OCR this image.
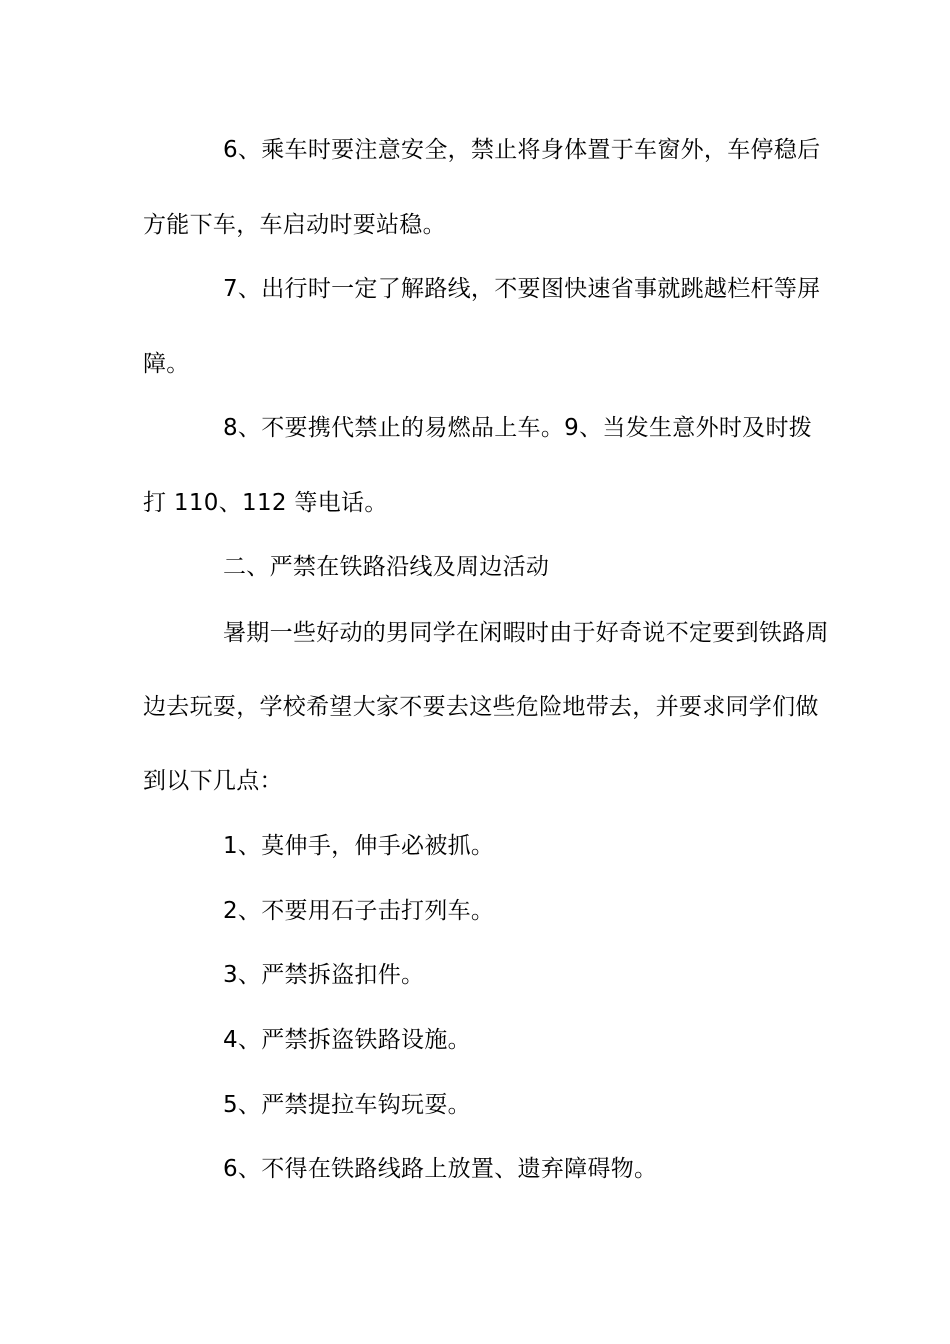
6、乘车时要注意安全，禁止将身体置于车窗外，车停稳后
方能下车，车启动时要站稳。
7、出行时一定了解路线，不要图快速省事就跳越栏杆等屏
障。
8、不要携代禁止的易燃品上车。9、当发生意外时及时拨
打 110、112 等电话。
二、严禁在铁路沿线及周边活动
暑期一些好动的男同学在闲暇时由于好奇说不定要到铁路周
边去玩耍，学校希望大家不要去这些危险地带去，并要求同学们做
到以下几点：
1、莫伸手，伸手必被抓。
2、不要用石子击打列车。
3、严禁拆盗扣件。
4、严禁拆盗铁路设施。
5、严禁提拉车钩玩耍。
6、不得在铁路线路上放置、遗弃障碍物。
